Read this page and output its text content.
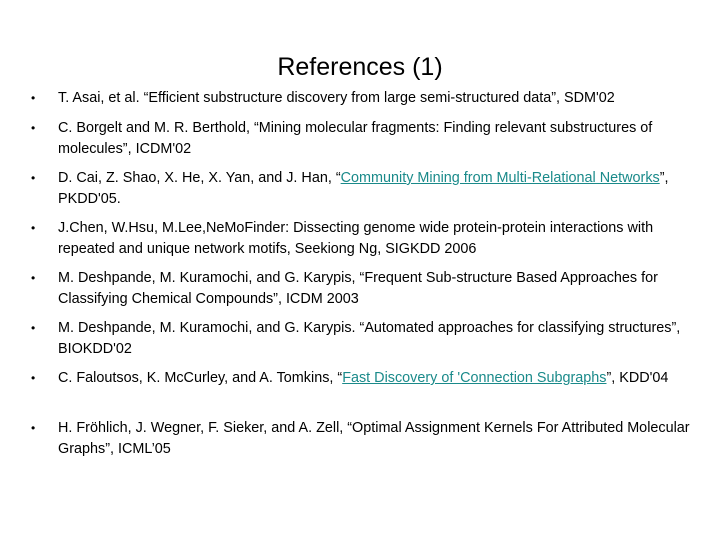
References (1)
•	T. Asai, et al. “Efficient substructure discovery from large semi-structured data”, SDM'02
•	C. Borgelt and M. R. Berthold, “Mining molecular fragments: Finding relevant substructures of molecules”, ICDM'02
•	D. Cai, Z. Shao, X. He, X. Yan, and J. Han, “Community Mining from Multi-Relational Networks”, PKDD'05.
•	J.Chen, W.Hsu, M.Lee,NeMoFinder: Dissecting genome wide protein-protein interactions with repeated and unique network motifs, Seekiong Ng, SIGKDD 2006
•	M. Deshpande, M. Kuramochi, and G. Karypis, “Frequent Sub-structure Based Approaches for Classifying Chemical Compounds”, ICDM 2003
•	M. Deshpande, M. Kuramochi, and G. Karypis. “Automated approaches for classifying structures”, BIOKDD'02
•	C. Faloutsos, K. McCurley, and A. Tomkins, “Fast Discovery of 'Connection Subgraphs”, KDD'04
•	H. Fröhlich, J. Wegner, F. Sieker, and A. Zell, “Optimal Assignment Kernels For Attributed Molecular Graphs”, ICML’05
